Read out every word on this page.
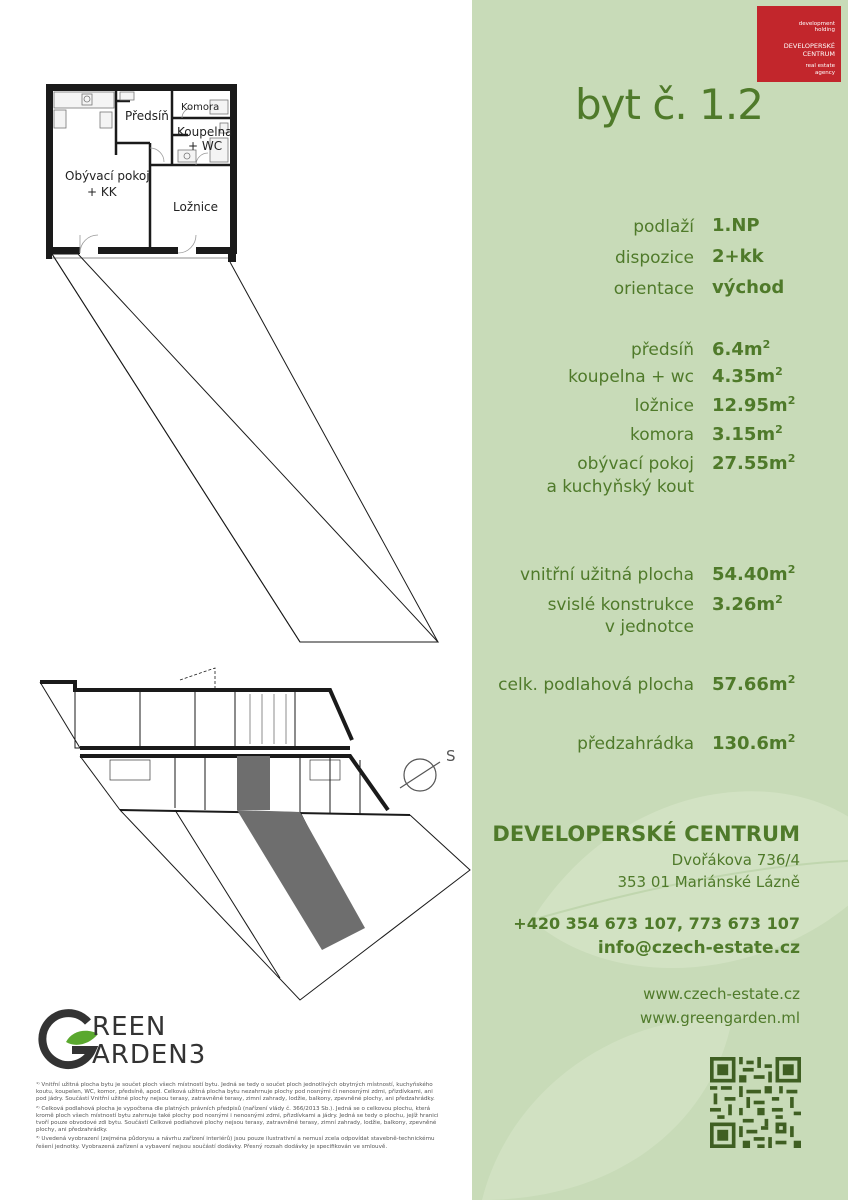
development
holding
DEVELOPERSKÉ
CENTRUM
real estate
agency
byt č. 1.2
podlaží 1.NP
dispozice 2+kk
orientace východ
předsíň $6.4m^2$
koupelna + wc $4.35m^2$
ložnice $12.95m^2$
komora $3.15m^2$
obývací pokoj
a kuchyňský kout
$27.55m^2$
vnitřní užitná plocha $54.40m^2$
svislé konstrukce
v jednotce
$3.26m^2$
celk. podlahová plocha $57.66m^2$
předzahrádka $130.6m^2$
DEVELOPERSKÉ CENTRUM
Dvořákova 736/4
353 01 Mariánské Lázně
+420 354 673 107, 773 673 107
info@czech-estate.cz
www.czech-estate.cz
www.greengarden.ml
Komora
Předsíň
Koupelna
+ WC
Obývací pokoj
+ KK
Ložnice
S
REEN
ARDEN3

¹⁾ Vnitřní užitná plocha bytu je součet ploch všech místností bytu. Jedná se tedy o součet ploch jednotlivých obytných místností, kuchyňského koutu, koupelen, WC, komor, předsíně, apod. Celková užitná plocha bytu nezahrnuje plochy pod nosnými či nenosnými zdmi, přizdívkami, ani pod jádry. Součástí Vnitřní užitné plochy nejsou terasy, zatravněné terasy, zimní zahrady, lodžie, balkony, zpevněné plochy, ani předzahrádky.

²⁾ Celková podlahová plocha je vypočtena dle platných právních předpisů (nařízení vlády č. 366/2013 Sb.). Jedná se o celkovou plochu, která kromě ploch všech místností bytu zahrnuje také plochy pod nosnými i nenosnými zdmi, přizdívkami a jádry. Jedná se tedy o plochu, jejíž hranici tvoří pouze obvodové zdi bytu. Součástí Celkové podlahové plochy nejsou terasy, zatravněné terasy, zimní zahrady, lodžie, balkony, zpevněné plochy, ani předzahrádky.

³⁾ Uvedená vyobrazení (zejména půdorysu a návrhu zařízení interiérů) jsou pouze ilustrativní a nemusí zcela odpovídat stavebně-technickému řešení jednotky. Vyobrazená zařízení a vybavení nejsou součástí dodávky. Přesný rozsah dodávky je specifikován ve smlouvě.
